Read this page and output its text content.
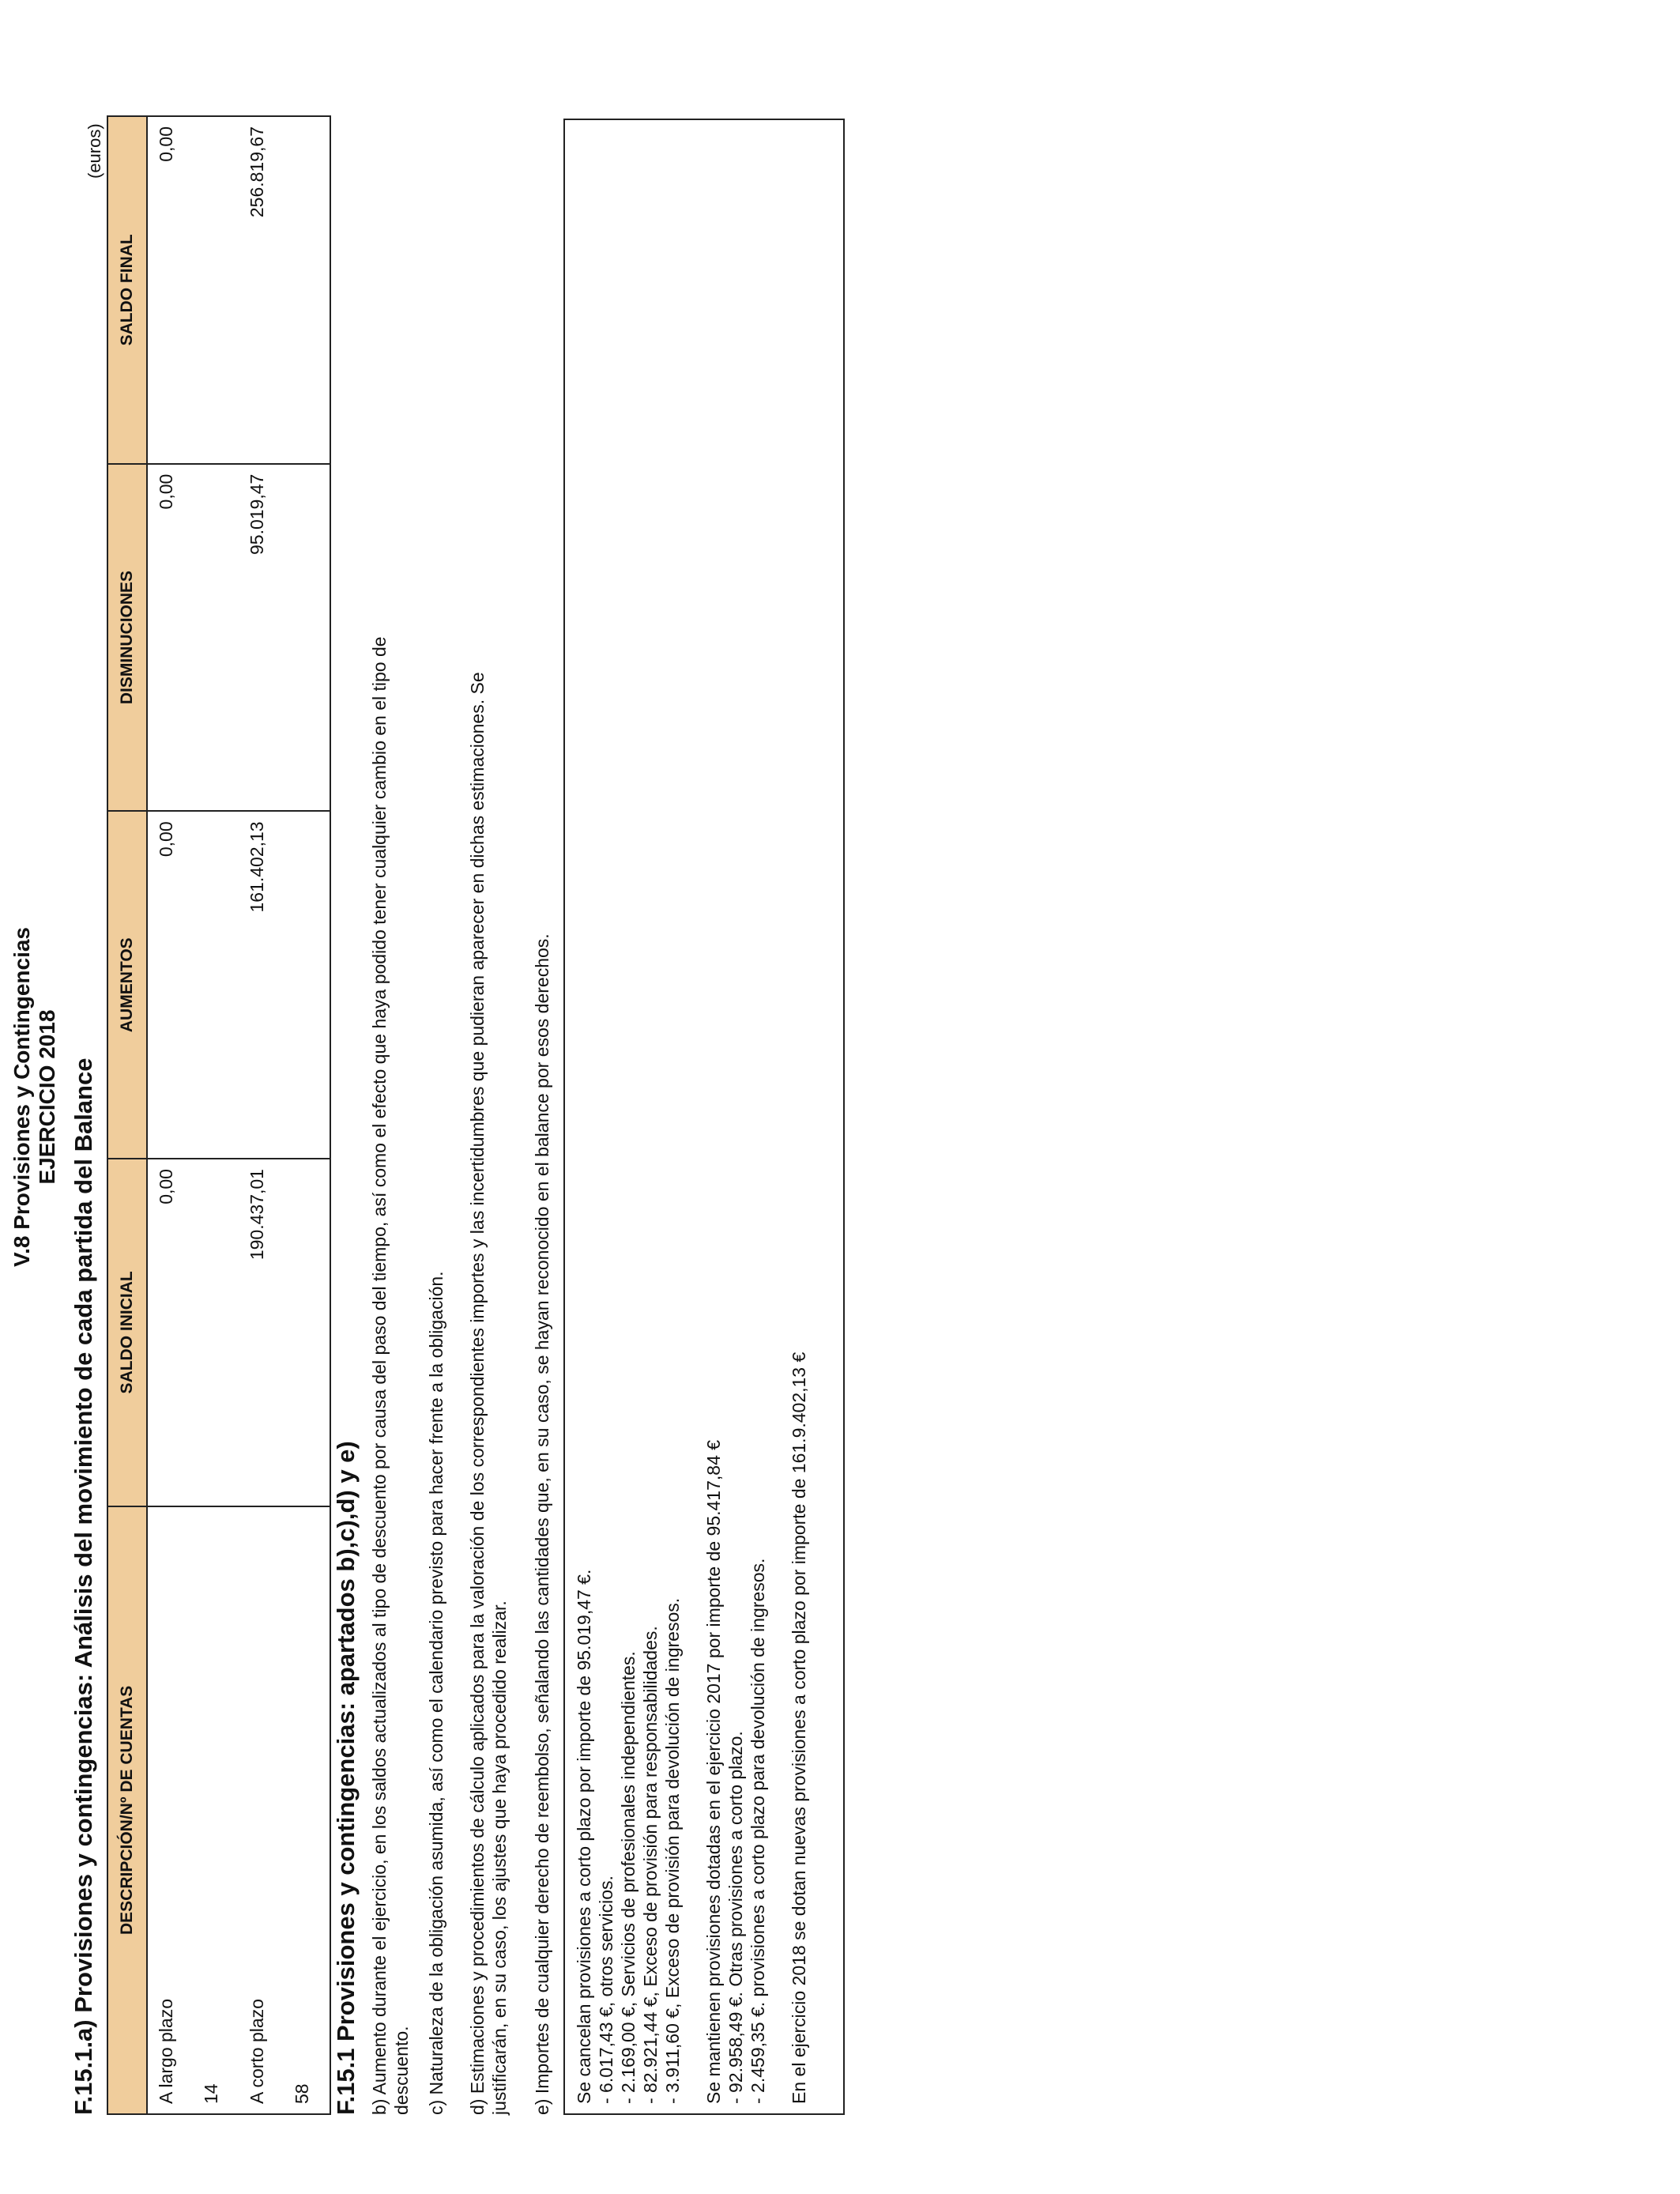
V.8 Provisiones y Contingencias EJERCICIO 2018 F.15.1.a) Provisiones y contingencias: Análisis del movimiento de cada partida del Balance
(euros)
DESCRIPCIÓN/Nº DE CUENTAS	SALDO INICIAL	AUMENTOS	DISMINUCIONES	SALDO FINAL
A largo plazo 14	0,00	0,00	0,00	0,00
A corto plazo 58	190.437,01	161.402,13	95.019,47	256.819,67
F.15.1 Provisiones y contingencias: apartados b),c),d) y e) b) Aumento durante el ejercicio, en los saldos actualizados al tipo de descuento por causa del paso del tiempo, así como el efecto que haya podido tener cualquier cambio en el tipo de descuento. c) Naturaleza de la obligación asumida, así como el calendario previsto para hacer frente a la obligación. d) Estimaciones y procedimientos de cálculo aplicados para la valoración de los correspondientes importes y las incertidumbres que pudieran aparecer en dichas estimaciones. Se justificarán, en su caso, los ajustes que haya procedido realizar. e) Importes de cualquier derecho de reembolso, señalando las cantidades que, en su caso, se hayan reconocido en el balance por esos derechos. Se cancelan provisiones a corto plazo por importe de 95.019,47 €. - 6.017,43 €, otros servicios. - 2.169,00 €, Servicios de profesionales independientes. - 82.921,44 €, Exceso de provisión para responsabilidades. - 3.911,60 €, Exceso de provisión para devolución de ingresos. Se mantienen provisiones dotadas en el ejercicio 2017 por importe de 95.417,84 € - 92.958,49 €. Otras provisiones a corto plazo. - 2.459,35 €. provisiones a corto plazo para devolución de ingresos. En el ejercicio 2018 se dotan nuevas provisiones a corto plazo por importe de 161.9.402,13 €
